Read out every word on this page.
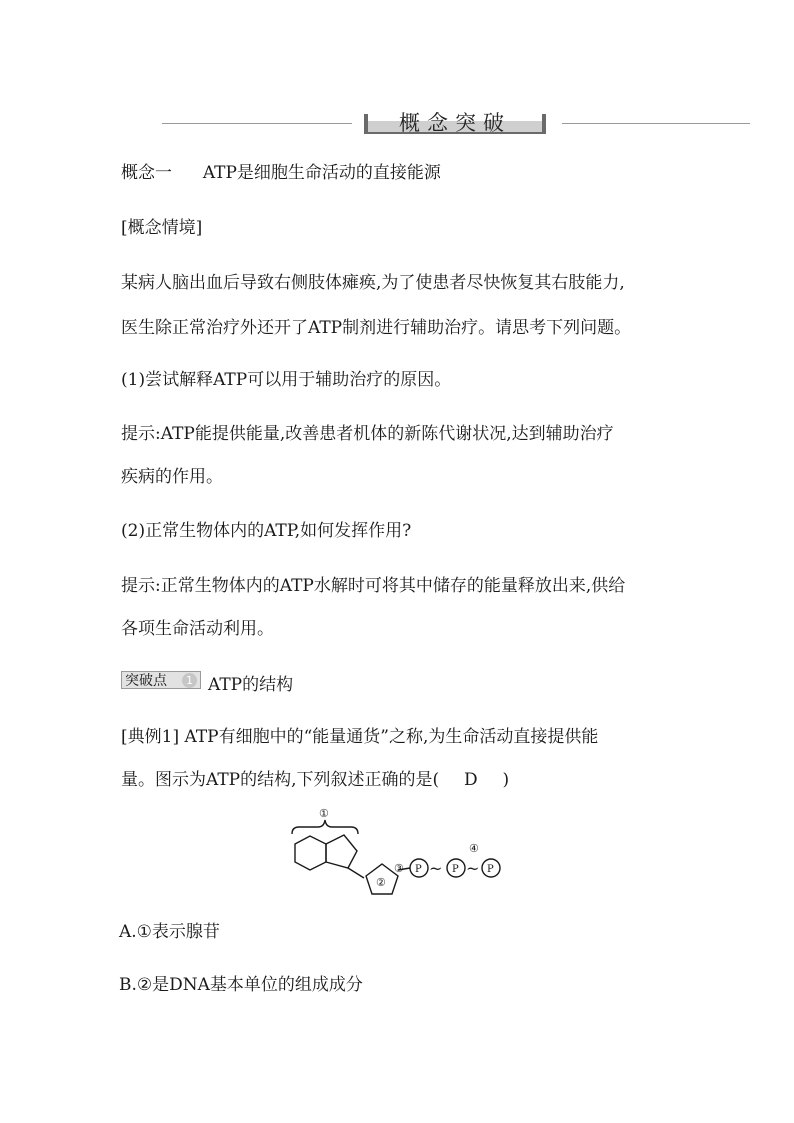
概念突破
概念一 ATP是细胞生命活动的直接能源
[概念情境]
某病人脑出血后导致右侧肢体瘫痪,为了使患者尽快恢复其右肢能力,
医生除正常治疗外还开了ATP制剂进行辅助治疗。请思考下列问题。
(1)尝试解释ATP可以用于辅助治疗的原因。
提示:ATP能提供能量,改善患者机体的新陈代谢状况,达到辅助治疗
疾病的作用。
(2)正常生物体内的ATP,如何发挥作用?
提示:正常生物体内的ATP水解时可将其中储存的能量释放出来,供给
各项生命活动利用。
突破点	1 ATP的结构
[典例1] ATP有细胞中的“能量通货”之称,为生命活动直接提供能
量。图示为ATP的结构,下列叙述正确的是( D )
①
②
③
④
P	P	P
~ ~
A.①表示腺苷
B.②是DNA基本单位的组成成分
